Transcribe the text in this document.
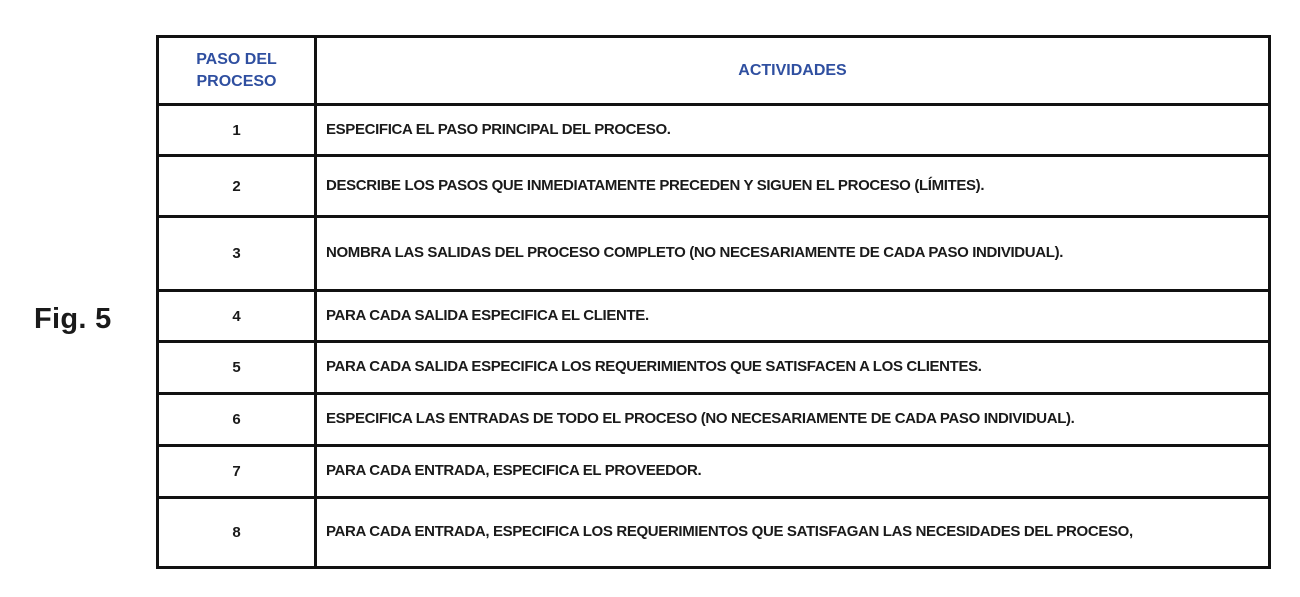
Fig. 5
PASO DEL PROCESO	ACTIVIDADES
1	ESPECIFICA EL PASO PRINCIPAL DEL PROCESO.
2	DESCRIBE LOS PASOS QUE INMEDIATAMENTE PRECEDEN Y SIGUEN EL PROCESO (LÍMITES).
3	NOMBRA LAS SALIDAS DEL PROCESO COMPLETO (NO NECESARIAMENTE DE CADA PASO INDIVIDUAL).
4	PARA CADA SALIDA ESPECIFICA EL CLIENTE.
5	PARA CADA SALIDA ESPECIFICA LOS REQUERIMIENTOS QUE SATISFACEN A LOS CLIENTES.
6	ESPECIFICA LAS ENTRADAS DE TODO EL PROCESO (NO NECESARIAMENTE DE CADA PASO INDIVIDUAL).
7	PARA CADA ENTRADA, ESPECIFICA EL PROVEEDOR.
8	PARA CADA ENTRADA, ESPECIFICA LOS REQUERIMIENTOS QUE SATISFAGAN LAS NECESIDADES DEL PROCESO,
